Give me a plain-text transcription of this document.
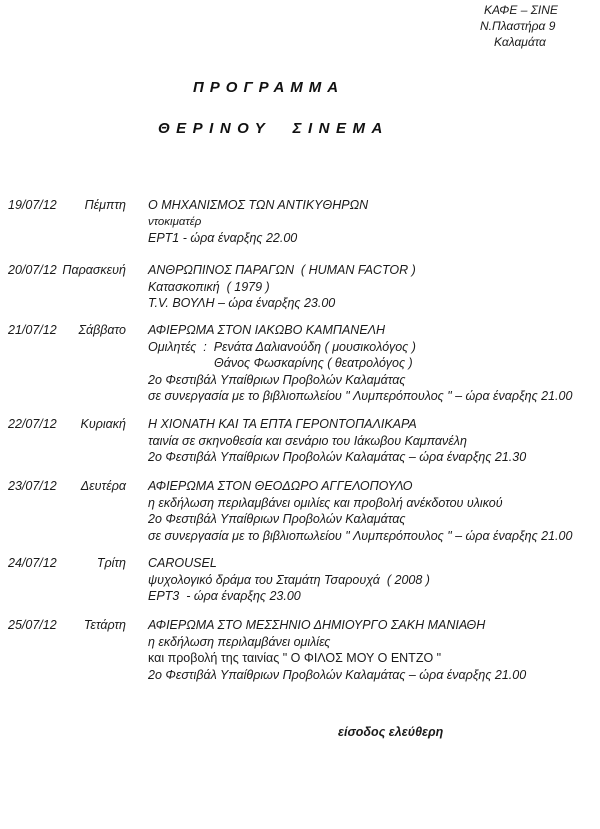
ΚΑΦΕ – ΣΙΝΕ
Ν.Πλαστήρα 9
Καλαμάτα
ΠΡΟΓΡΑΜΜΑ
ΘΕΡΙΝΟΥ  ΣΙΝΕΜΑ
19/07/12 Πέμπτη Ο ΜΗΧΑΝΙΣΜΟΣ ΤΩΝ ΑΝΤΙΚΥΘΗΡΩΝ
ντοκιματέρ
ΕΡΤ1 - ώρα έναρξης 22.00
20/07/12 Παρασκευή ΑΝΘΡΩΠΙΝΟΣ ΠΑΡΑΓΩΝ  ( HUMAN FACTOR )
Κατασκοπική  ( 1979 )
T.V. ΒΟΥΛΗ – ώρα έναρξης 23.00
21/07/12 Σάββατο ΑΦΙΕΡΩΜΑ ΣΤΟΝ ΙΑΚΩΒΟ ΚΑΜΠΑΝΕΛΗ
Ομιλητές  :  Ρενάτα Δαλιανούδη ( μουσικολόγος )
Θάνος Φωσκαρίνης ( θεατρολόγος )
2ο Φεστιβάλ Υπαίθριων Προβολών Καλαμάτας
σε συνεργασία με το βιβλιοπωλείου " Λυμπερόπουλος " – ώρα έναρξης 21.00
22/07/12 Κυριακή Η ΧΙΟΝΑΤΗ ΚΑΙ ΤΑ ΕΠΤΑ ΓΕΡΟΝΤΟΠΑΛΙΚΑΡΑ
ταινία σε σκηνοθεσία και σενάριο του Ιάκωβου Καμπανέλη
2ο Φεστιβάλ Υπαίθριων Προβολών Καλαμάτας – ώρα έναρξης 21.30
23/07/12 Δευτέρα ΑΦΙΕΡΩΜΑ ΣΤΟΝ ΘΕΟΔΩΡΟ ΑΓΓΕΛΟΠΟΥΛΟ
η εκδήλωση περιλαμβάνει ομιλίες και προβολή ανέκδοτου υλικού
2ο Φεστιβάλ Υπαίθριων Προβολών Καλαμάτας
σε συνεργασία με το βιβλιοπωλείου " Λυμπερόπουλος " – ώρα έναρξης 21.00
24/07/12	Τρίτη CAROUSEL
ψυχολογικό δράμα του Σταμάτη Τσαρουχά  ( 2008 )
ΕΡΤ3  - ώρα έναρξης 23.00
25/07/12 Τετάρτη ΑΦΙΕΡΩΜΑ ΣΤΟ ΜΕΣΣΗΝΙΟ ΔΗΜΙΟΥΡΓΟ ΣΑΚΗ ΜΑΝΙΑΘΗ
η εκδήλωση περιλαμβάνει ομιλίες
και προβολή της ταινίας " Ο ΦΙΛΟΣ ΜΟΥ Ο ΕΝΤΖΟ "
2ο Φεστιβάλ Υπαίθριων Προβολών Καλαμάτας – ώρα έναρξης 21.00
είσοδος ελεύθερη
